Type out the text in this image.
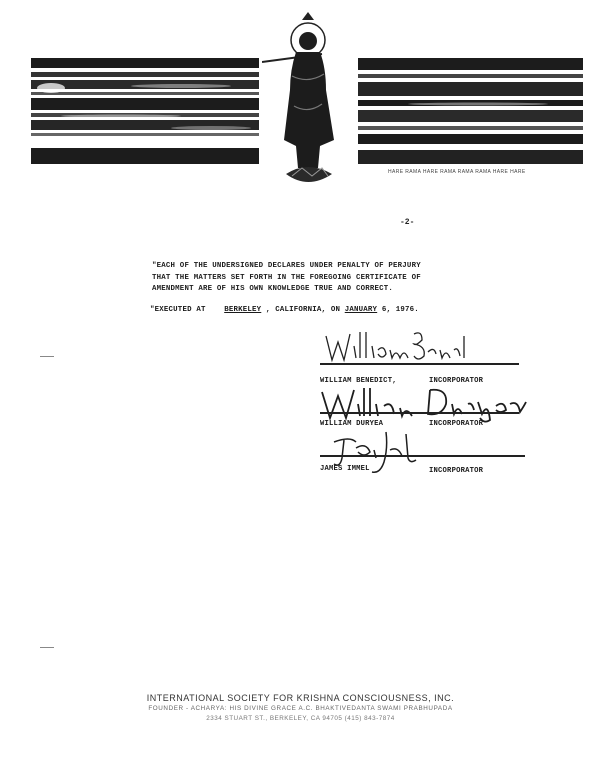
HARE RAMA HARE RAMA RAMA RAMA HARE HARE
-2-
"EACH OF THE UNDERSIGNED DECLARES UNDER PENALTY OF PERJURY
THAT THE MATTERS SET FORTH IN THE FOREGOING CERTIFICATE OF
AMENDMENT ARE OF HIS OWN KNOWLEDGE TRUE AND CORRECT.
"EXECUTED AT	BERKELEY , CALIFORNIA, ON JANUARY 6, 1976.
WILLIAM BENEDICT,	INCORPORATOR
WILLIAM DURYEA	INCORPORATOR
JAMES IMMEL	INCORPORATOR
INTERNATIONAL SOCIETY FOR KRISHNA CONSCIOUSNESS, INC.
FOUNDER - ACHARYA: HIS DIVINE GRACE A.C. BHAKTIVEDANTA SWAMI PRABHUPADA
2334 STUART ST., BERKELEY, CA 94705 (415) 843-7874
